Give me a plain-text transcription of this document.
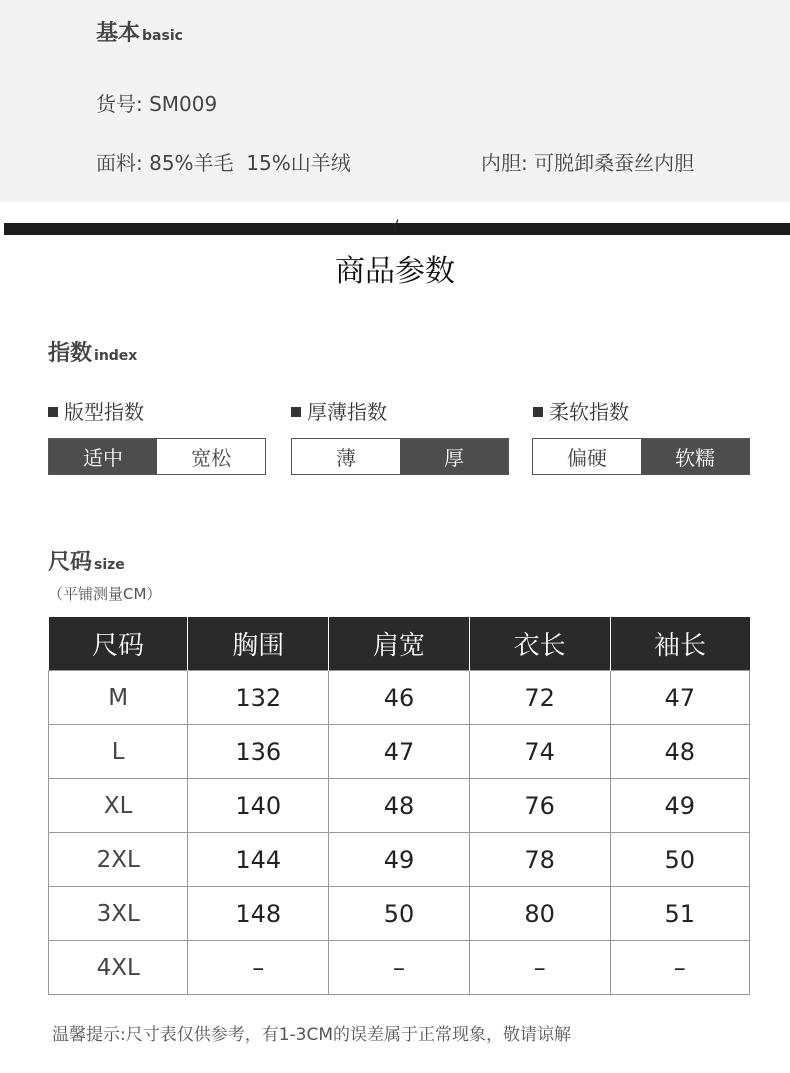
基本 basic
货号: SM009
面料: 85%羊毛  15%山羊绒	内胆: 可脱卸桑蚕丝内胆
/
商品参数
指数 index
版型指数
适中	宽松
厚薄指数
薄	厚
柔软指数
偏硬	软糯
尺码 size
（平铺测量CM）
尺码	胸围	肩宽	衣长	袖长
M	132	46	72	47
L	136	47	74	48
XL	140	48	76	49
2XL	144	49	78	50
3XL	148	50	80	51
4XL	–	–	–	–
温馨提示:尺寸表仅供参考，有1-3CM的误差属于正常现象，敬请谅解
